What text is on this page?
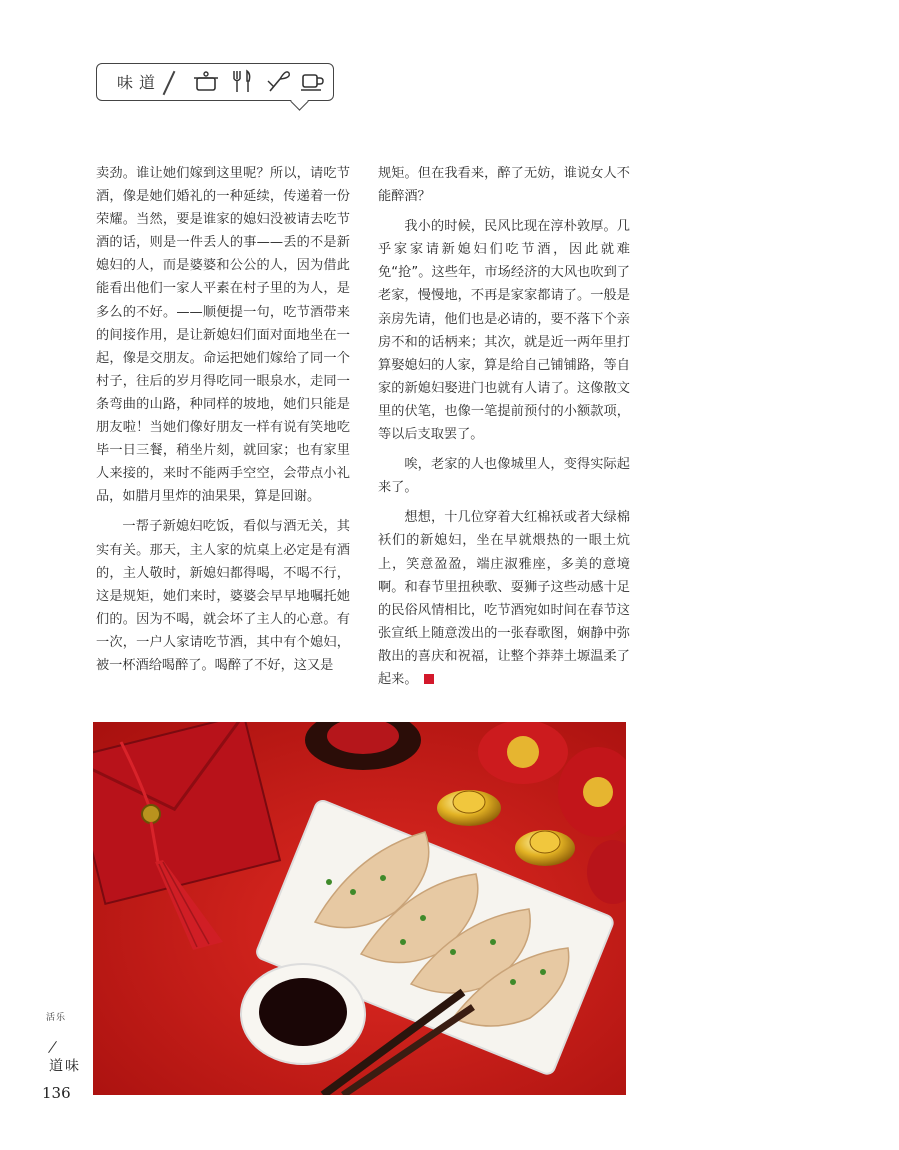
味道

卖劲。谁让她们嫁到这里呢？所以，请吃节酒，像是她们婚礼的一种延续，传递着一份荣耀。当然，要是谁家的媳妇没被请去吃节酒的话，则是一件丢人的事——丢的不是新媳妇的人，而是婆婆和公公的人，因为借此能看出他们一家人平素在村子里的为人，是多么的不好。——顺便提一句，吃节酒带来的间接作用，是让新媳妇们面对面地坐在一起，像是交朋友。命运把她们嫁给了同一个村子，往后的岁月得吃同一眼泉水，走同一条弯曲的山路，种同样的坡地，她们只能是朋友啦！当她们像好朋友一样有说有笑地吃毕一日三餐，稍坐片刻，就回家；也有家里人来接的，来时不能两手空空，会带点小礼品，如腊月里炸的油果果，算是回谢。

一帮子新媳妇吃饭，看似与酒无关，其实有关。那天，主人家的炕桌上必定是有酒的，主人敬时，新媳妇都得喝，不喝不行，这是规矩，她们来时，婆婆会早早地嘱托她们的。因为不喝，就会坏了主人的心意。有一次，一户人家请吃节酒，其中有个媳妇，被一杯酒给喝醉了。喝醉了不好，这又是

规矩。但在我看来，醉了无妨，谁说女人不能醉酒？

我小的时候，民风比现在淳朴敦厚。几乎家家请新媳妇们吃节酒，因此就难免“抢”。这些年，市场经济的大风也吹到了老家，慢慢地，不再是家家都请了。一般是亲房先请，他们也是必请的，要不落下个亲房不和的话柄来；其次，就是近一两年里打算娶媳妇的人家，算是给自己铺铺路，等自家的新媳妇娶进门也就有人请了。这像散文里的伏笔，也像一笔提前预付的小额款项，等以后支取罢了。

唉，老家的人也像城里人，变得实际起来了。

想想，十几位穿着大红棉袄或者大绿棉袄们的新媳妇，坐在早就煨热的一眼土炕上，笑意盈盈，端庄淑雅座，多美的意境啊。和春节里扭秧歌、耍狮子这些动感十足的民俗风情相比，吃节酒宛如时间在春节这张宣纸上随意泼出的一张春歌图，娴静中弥散出的喜庆和祝福，让整个莽莽土塬温柔了起来。

乐活
味道
136
